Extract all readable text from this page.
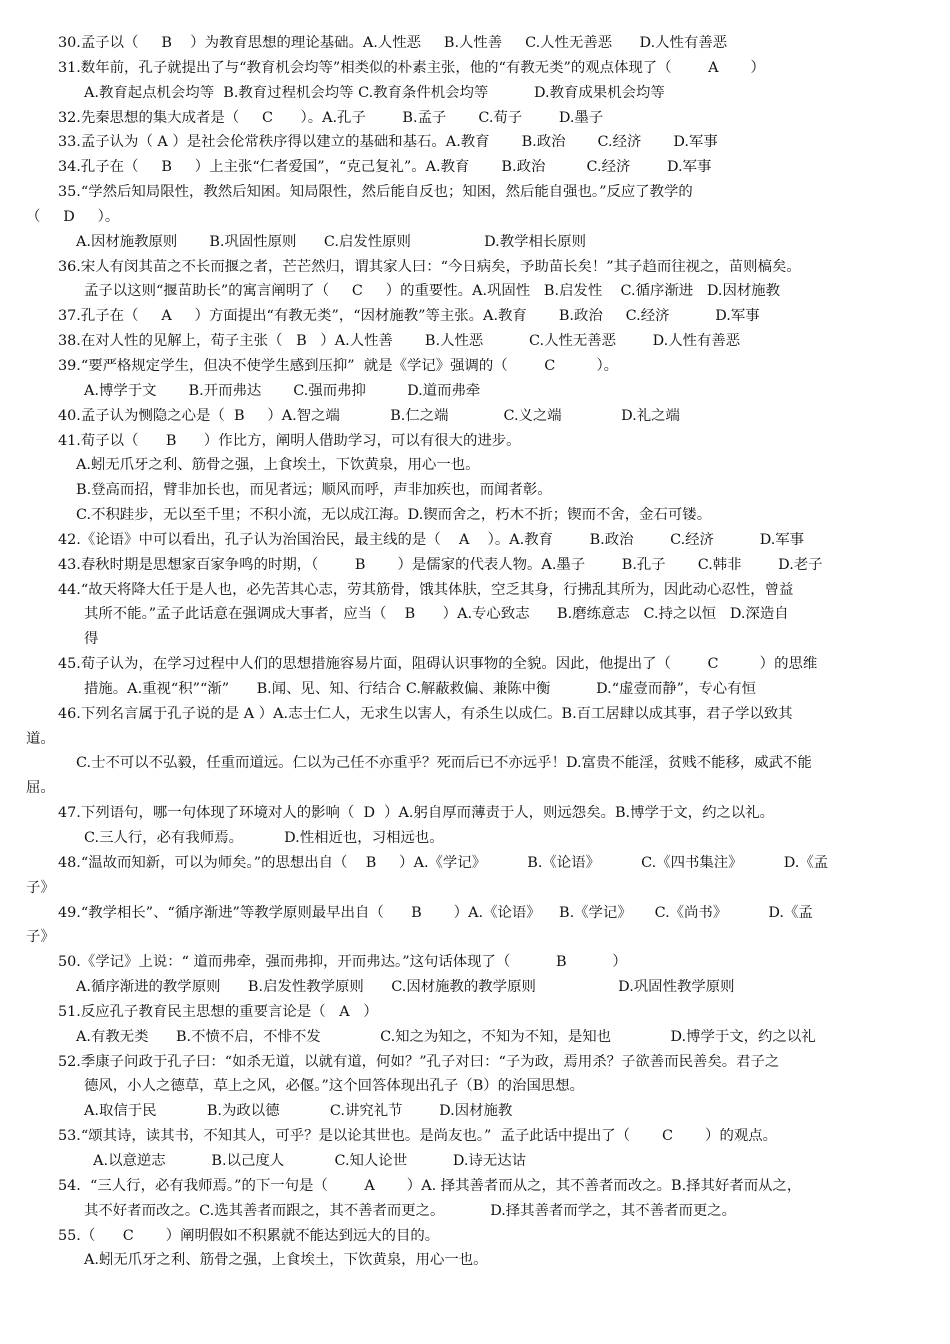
30.孟子以（     B    ）为教育思想的理论基础。A.人性恶     B.人性善     C.人性无善恶      D.人性有善恶
31.数年前，孔子就提出了与“教育机会均等”相类似的朴素主张，他的“有教无类”的观点体现了（        A       ）
A.教育起点机会均等  B.教育过程机会均等 C.教育条件机会均等          D.教育成果机会均等
32.先秦思想的集大成者是（     C      ）。A.孔子        B.孟子       C.荀子        D.墨子
33.孟子认为（ A ）是社会伦常秩序得以建立的基础和基石。A.教育       B.政治       C.经济       D.军事
34.孔子在（     B     ）上主张“仁者爱国”，“克己复礼”。A.教育       B.政治         C.经济        D.军事
35.“学然后知局限性，教然后知困。知局限性，然后能自反也；知困，然后能自强也。”反应了教学的
（     D     ）。
A.因材施教原则       B.巩固性原则      C.启发性原则                D.教学相长原则
36.宋人有闵其苗之不长而揠之者，芒芒然归，谓其家人曰：“今日病矣，予助苗长矣！”其子趋而往视之，苗则槁矣。
孟子以这则“揠苗助长”的寓言阐明了（     C     ）的重要性。A.巩固性   B.启发性    C.循序渐进   D.因材施教
37.孔子在（     A     ）方面提出“有教无类”，“因材施教”等主张。A.教育       B.政治     C.经济          D.军事
38.在对人性的见解上，荀子主张（   B   ）A.人性善       B.人性恶          C.人性无善恶        D.人性有善恶
39.“要严格规定学生，但决不使学生感到压抑”  就是《学记》强调的（        C         ）。
A.博学于文       B.开而弗达       C.强而弗抑         D.道而弗牵
40.孟子认为恻隐之心是（  B     ）A.智之端           B.仁之端            C.义之端             D.礼之端
41.荀子以（      B      ）作比方，阐明人借助学习，可以有很大的进步。
A.蚓无爪牙之利、筋骨之强，上食埃土，下饮黄泉，用心一也。
B.登高而招，臂非加长也，而见者远；顺风而呼，声非加疾也，而闻者彰。
C.不积跬步，无以至千里；不积小流，无以成江海。D.锲而舍之，朽木不折；锲而不舍，金石可镂。
42.《论语》中可以看出，孔子认为治国治民，最主线的是（    A    ）。A.教育        B.政治        C.经济          D.军事
43.春秋时期是思想家百家争鸣的时期，（        B       ）是儒家的代表人物。A.墨子        B.孔子       C.韩非        D.老子
44.“故天将降大任于是人也，必先苦其心志，劳其筋骨，饿其体肤，空乏其身，行拂乱其所为，因此动心忍性，曾益
其所不能。”孟子此话意在强调成大事者，应当（    B      ）A.专心致志      B.磨练意志   C.持之以恒   D.深造自
得
45.荀子认为，在学习过程中人们的思想措施容易片面，阻碍认识事物的全貌。因此，他提出了（        C         ）的思维
措施。A.重视“积”“渐”      B.闻、见、知、行结合 C.解蔽救偏、兼陈中衡          D.“虚壹而静”，专心有恒
46.下列名言属于孔子说的是 A ）A.志士仁人，无求生以害人，有杀生以成仁。B.百工居肆以成其事，君子学以致其
道。
C.士不可以不弘毅，任重而道远。仁以为己任不亦重乎？死而后已不亦远乎！D.富贵不能淫，贫贱不能移，威武不能
屈。
47.下列语句，哪一句体现了环境对人的影响（  D  ）A.躬自厚而薄责于人，则远怨矣。B.博学于文，约之以礼。
C.三人行，必有我师焉。         D.性相近也，习相远也。
48.“温故而知新，可以为师矣。”的思想出自（    B     ）A.《学记》         B.《论语》         C.《四书集注》         D.《孟
子》
49.“教学相长”、“循序渐进”等教学原则最早出自（      B       ）A.《论语》    B.《学记》     C.《尚书》         D.《孟
子》
50.《学记》上说：“ 道而弗牵，强而弗抑，开而弗达。”这句话体现了（          B          ）
A.循序渐进的教学原则      B.启发性教学原则      C.因材施教的教学原则                  D.巩固性教学原则
51.反应孔子教育民主思想的重要言论是（   A   ）
A.有教无类      B.不愤不启，不悱不发             C.知之为知之，不知为不知，是知也             D.博学于文，约之以礼
52.季康子问政于孔子曰：“如杀无道，以就有道，何如？”孔子对曰：“子为政，焉用杀？子欲善而民善矣。君子之
德风，小人之德草，草上之风，必偃。”这个回答体现出孔子（B）的治国思想。
A.取信于民           B.为政以德           C.讲究礼节        D.因材施教
53.“颂其诗，读其书，不知其人，可乎？是以论其世也。是尚友也。”  孟子此话中提出了（       C       ）的观点。
A.以意逆志          B.以己度人           C.知人论世          D.诗无达诂
54.  “三人行，必有我师焉。”的下一句是（        A       ）A. 择其善者而从之，其不善者而改之。B.择其好者而从之，
其不好者而改之。C.选其善者而跟之，其不善者而更之。          D.择其善者而学之，其不善者而更之。
55.（      C       ）阐明假如不积累就不能达到远大的目的。
A.蚓无爪牙之利、筋骨之强，上食埃土，下饮黄泉，用心一也。
